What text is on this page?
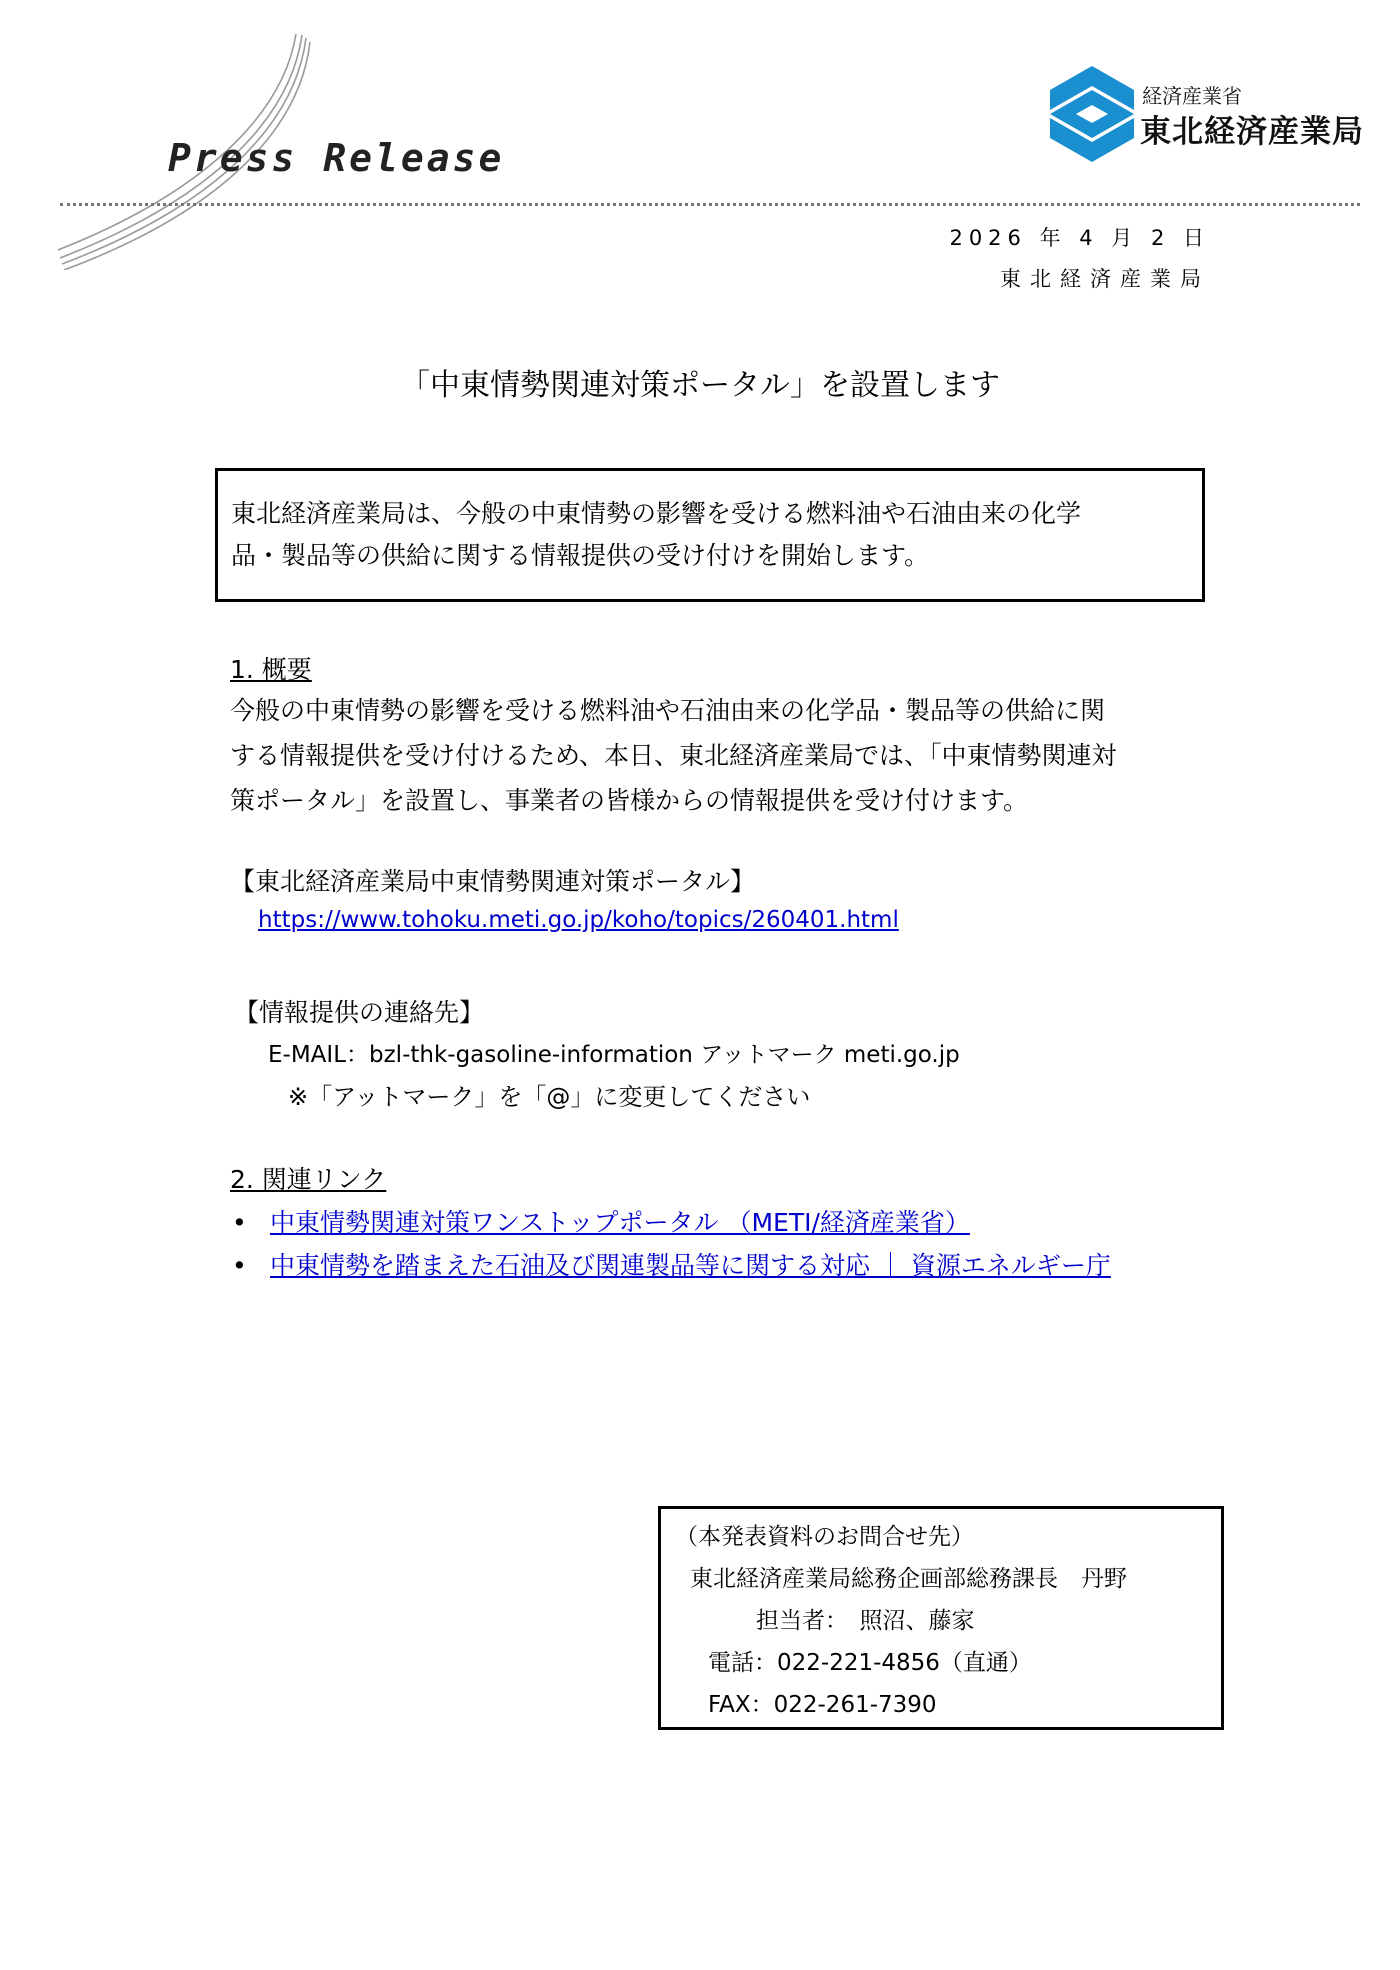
Press Release
経済産業省
東北経済産業局
2026 年 4 月 2 日
東北経済産業局
「中東情勢関連対策ポータル」を設置します
東北経済産業局は、今般の中東情勢の影響を受ける燃料油や石油由来の化学
品・製品等の供給に関する情報提供の受け付けを開始します。
1. 概要
今般の中東情勢の影響を受ける燃料油や石油由来の化学品・製品等の供給に関
する情報提供を受け付けるため、本日、東北経済産業局では、「中東情勢関連対
策ポータル」を設置し、事業者の皆様からの情報提供を受け付けます。
【東北経済産業局中東情勢関連対策ポータル】
https://www.tohoku.meti.go.jp/koho/topics/260401.html
【情報提供の連絡先】
E-MAIL：bzl-thk-gasoline-information アットマーク meti.go.jp
※「アットマーク」を「@」に変更してください
2. 関連リンク
• 中東情勢関連対策ワンストップポータル （METI/経済産業省）
• 中東情勢を踏まえた石油及び関連製品等に関する対応 ｜ 資源エネルギー庁
（本発表資料のお問合せ先）
東北経済産業局総務企画部総務課長　丹野
担当者：　照沼、藤家
電話：022-221-4856（直通）
FAX：022-261-7390
